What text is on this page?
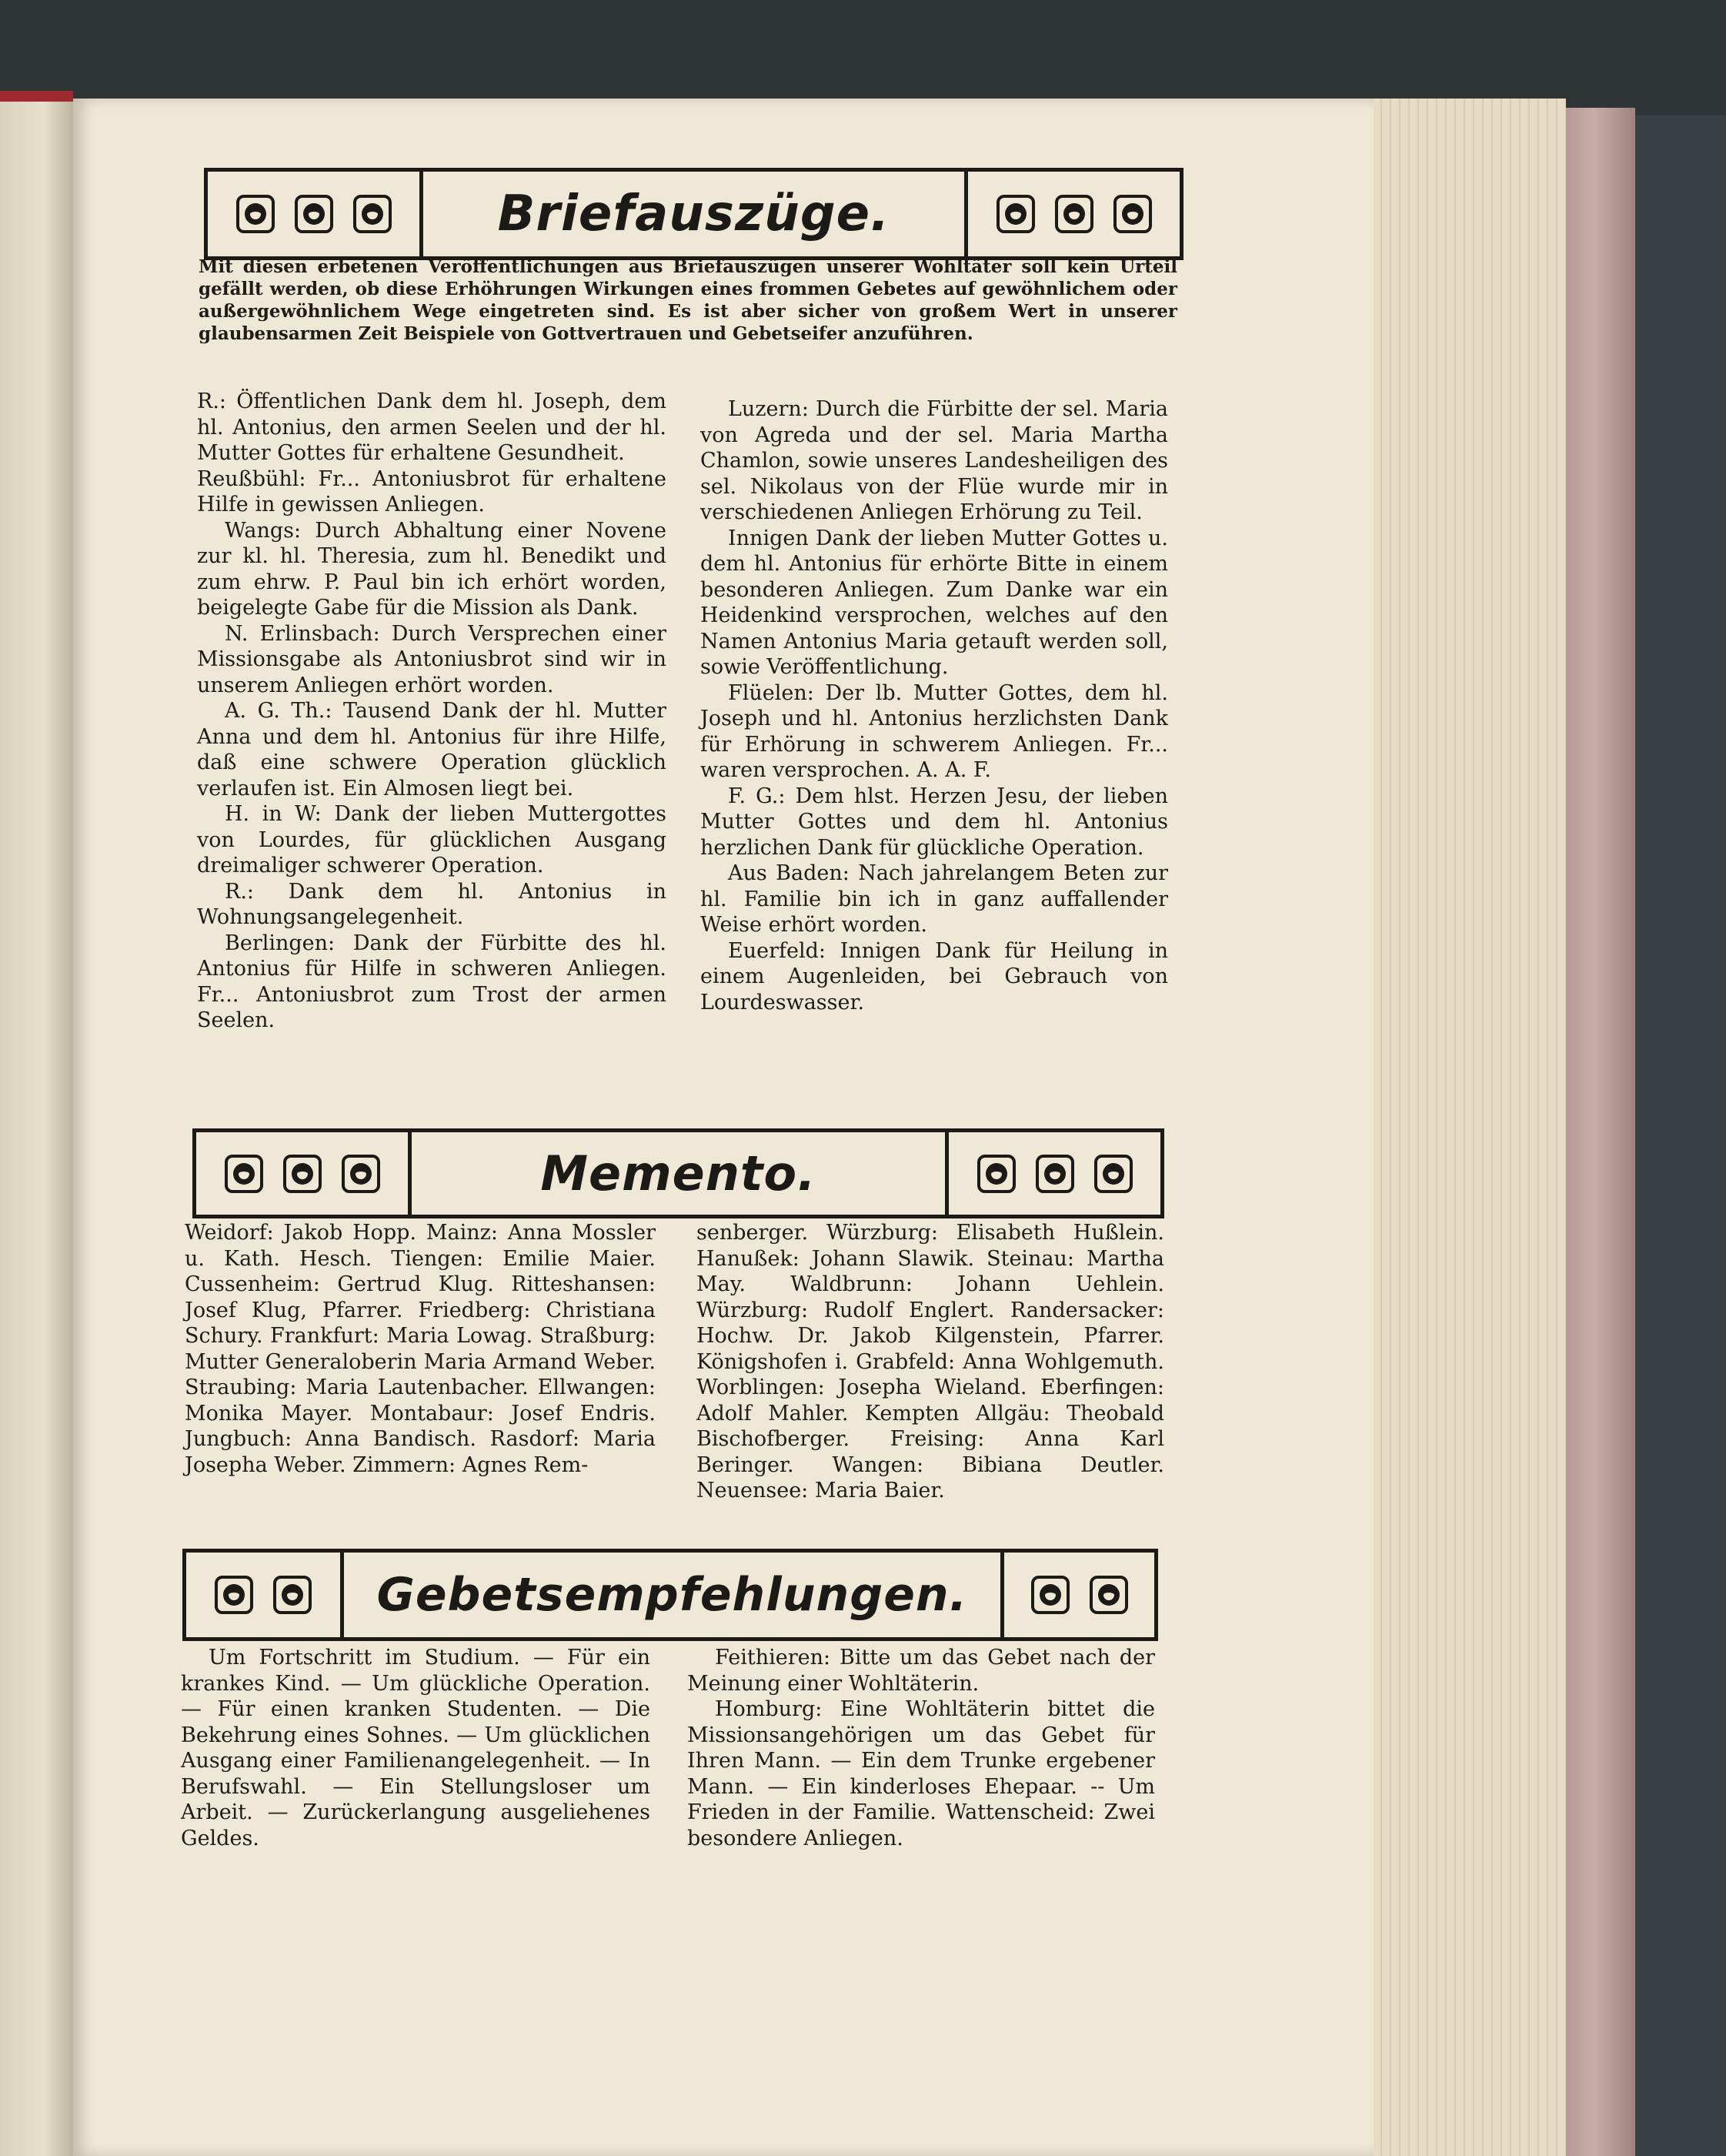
Briefauszüge.

Mit diesen erbetenen Veröffentlichungen aus Briefauszügen unserer Wohltäter soll kein Urteil gefällt werden, ob diese Erhöhrungen Wirkungen eines frommen Gebetes auf gewöhnlichem oder außergewöhnlichem Wege eingetreten sind. Es ist aber sicher von großem Wert in unserer glaubensarmen Zeit Beispiele von Gottvertrauen und Gebetseifer anzuführen.

R.: Öffentlichen Dank dem hl. Joseph, dem hl. Antonius, den armen Seelen und der hl. Mutter Gottes für erhaltene Gesundheit.

Reußbühl: Fr... Antoniusbrot für erhaltene Hilfe in gewissen Anliegen.

Wangs: Durch Abhaltung einer Novene zur kl. hl. Theresia, zum hl. Benedikt und zum ehrw. P. Paul bin ich erhört worden, beigelegte Gabe für die Mission als Dank.

N. Erlinsbach: Durch Versprechen einer Missionsgabe als Antoniusbrot sind wir in unserem Anliegen erhört worden.

A. G. Th.: Tausend Dank der hl. Mutter Anna und dem hl. Antonius für ihre Hilfe, daß eine schwere Operation glücklich verlaufen ist. Ein Almosen liegt bei.

H. in W: Dank der lieben Muttergottes von Lourdes, für glücklichen Ausgang dreimaliger schwerer Operation.

R.: Dank dem hl. Antonius in Wohnungsangelegenheit.

Berlingen: Dank der Fürbitte des hl. Antonius für Hilfe in schweren Anliegen. Fr... Antoniusbrot zum Trost der armen Seelen.

Luzern: Durch die Fürbitte der sel. Maria von Agreda und der sel. Maria Martha Chamlon, sowie unseres Landesheiligen des sel. Nikolaus von der Flüe wurde mir in verschiedenen Anliegen Erhörung zu Teil.

Innigen Dank der lieben Mutter Gottes u. dem hl. Antonius für erhörte Bitte in einem besonderen Anliegen. Zum Danke war ein Heidenkind versprochen, welches auf den Namen Antonius Maria getauft werden soll, sowie Veröffentlichung.

Flüelen: Der lb. Mutter Gottes, dem hl. Joseph und hl. Antonius herzlichsten Dank für Erhörung in schwerem Anliegen. Fr... waren versprochen. A. A. F.

F. G.: Dem hlst. Herzen Jesu, der lieben Mutter Gottes und dem hl. Antonius herzlichen Dank für glückliche Operation.

Aus Baden: Nach jahrelangem Beten zur hl. Familie bin ich in ganz auffallender Weise erhört worden.

Euerfeld: Innigen Dank für Heilung in einem Augenleiden, bei Gebrauch von Lourdeswasser.

Memento.

Weidorf: Jakob Hopp. Mainz: Anna Mossler u. Kath. Hesch. Tiengen: Emilie Maier. Cussenheim: Gertrud Klug. Ritteshansen: Josef Klug, Pfarrer. Friedberg: Christiana Schury. Frankfurt: Maria Lowag. Straßburg: Mutter Generaloberin Maria Armand Weber. Straubing: Maria Lautenbacher. Ellwangen: Monika Mayer. Montabaur: Josef Endris. Jungbuch: Anna Bandisch. Rasdorf: Maria Josepha Weber. Zimmern: Agnes Rem-

senberger. Würzburg: Elisabeth Hußlein. Hanußek: Johann Slawik. Steinau: Martha May. Waldbrunn: Johann Uehlein. Würzburg: Rudolf Englert. Randersacker: Hochw. Dr. Jakob Kilgenstein, Pfarrer. Königshofen i. Grabfeld: Anna Wohlgemuth. Worblingen: Josepha Wieland. Eberfingen: Adolf Mahler. Kempten Allgäu: Theobald Bischofberger. Freising: Anna Karl Beringer. Wangen: Bibiana Deutler. Neuensee: Maria Baier.

Gebetsempfehlungen.

Um Fortschritt im Studium. — Für ein krankes Kind. — Um glückliche Operation. — Für einen kranken Studenten. — Die Bekehrung eines Sohnes. — Um glücklichen Ausgang einer Familienangelegenheit. — In Berufswahl. — Ein Stellungsloser um Arbeit. — Zurückerlangung ausgeliehenes Geldes.

Feithieren: Bitte um das Gebet nach der Meinung einer Wohltäterin.

Homburg: Eine Wohltäterin bittet die Missionsangehörigen um das Gebet für Ihren Mann. — Ein dem Trunke ergebener Mann. — Ein kinderloses Ehepaar. -- Um Frieden in der Familie. Wattenscheid: Zwei besondere Anliegen.
